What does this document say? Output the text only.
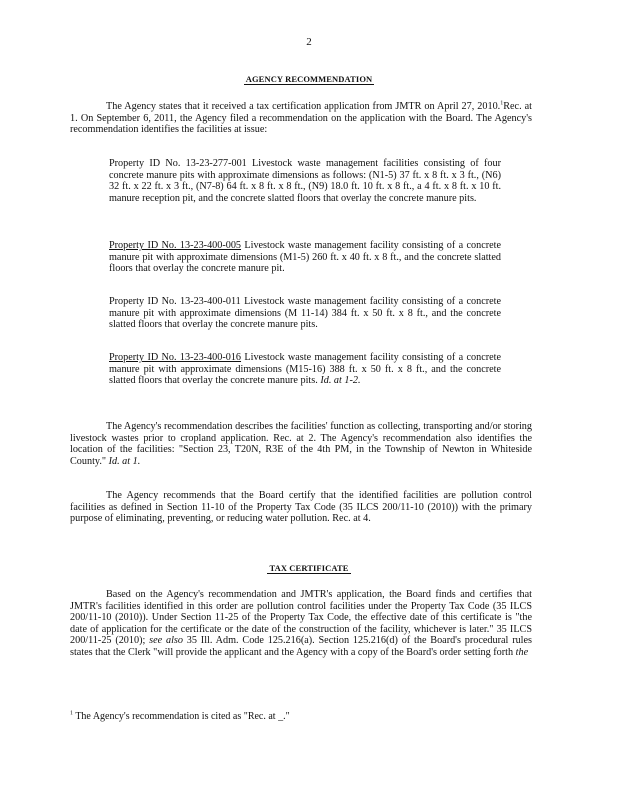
2
AGENCY RECOMMENDATION

The Agency states that it received a tax certification application from JMTR on April 27, 2010.$^1$Rec. at 1. On September 6, 2011, the Agency filed a recommendation on the application with the Board. The Agency's recommendation identifies the facilities at issue:

Property ID No. 13-23-277-001 Livestock waste management facilities consisting of four concrete manure pits with approximate dimensions as follows: (N1-5) 37 ft. x 8 ft. x 3 ft., (N6) 32 ft. x 22 ft. x 3 ft., (N7-8) 64 ft. x 8 ft. x 8 ft., (N9) 18.0 ft. 10 ft. x 8 ft., a 4 ft. x 8 ft. x 10 ft. manure reception pit, and the concrete slatted floors that overlay the concrete manure pits.

Property ID No. 13-23-400-005 Livestock waste management facility consisting of a concrete manure pit with approximate dimensions (M1-5) 260 ft. x 40 ft. x 8 ft., and the concrete slatted floors that overlay the concrete manure pit.

Property ID No. 13-23-400-011 Livestock waste management facility consisting of a concrete manure pit with approximate dimensions (M 11-14) 384 ft. x 50 ft. x 8 ft., and the concrete slatted floors that overlay the concrete manure pits.

Property ID No. 13-23-400-016 Livestock waste management facility consisting of a concrete manure pit with approximate dimensions (M15-16) 388 ft. x 50 ft. x 8 ft., and the concrete slatted floors that overlay the concrete manure pits. Id. at 1-2.

The Agency's recommendation describes the facilities' function as collecting, transporting and/or storing livestock wastes prior to cropland application. Rec. at 2. The Agency's recommendation also identifies the location of the facilities: "Section 23, T20N, R3E of the 4th PM, in the Township of Newton in Whiteside County." Id. at 1.

The Agency recommends that the Board certify that the identified facilities are pollution control facilities as defined in Section 11-10 of the Property Tax Code (35 ILCS 200/11-10 (2010)) with the primary purpose of eliminating, preventing, or reducing water pollution. Rec. at 4.

TAX CERTIFICATE

Based on the Agency's recommendation and JMTR's application, the Board finds and certifies that JMTR's facilities identified in this order are pollution control facilities under the Property Tax Code (35 ILCS 200/11-10 (2010)). Under Section 11-25 of the Property Tax Code, the effective date of this certificate is "the date of application for the certificate or the date of the construction of the facility, whichever is later." 35 ILCS 200/11-25 (2010); see also 35 Ill. Adm. Code 125.216(a). Section 125.216(d) of the Board's procedural rules states that the Clerk "will provide the applicant and the Agency with a copy of the Board's order setting forth the

$^1$ The Agency's recommendation is cited as "Rec. at _."
